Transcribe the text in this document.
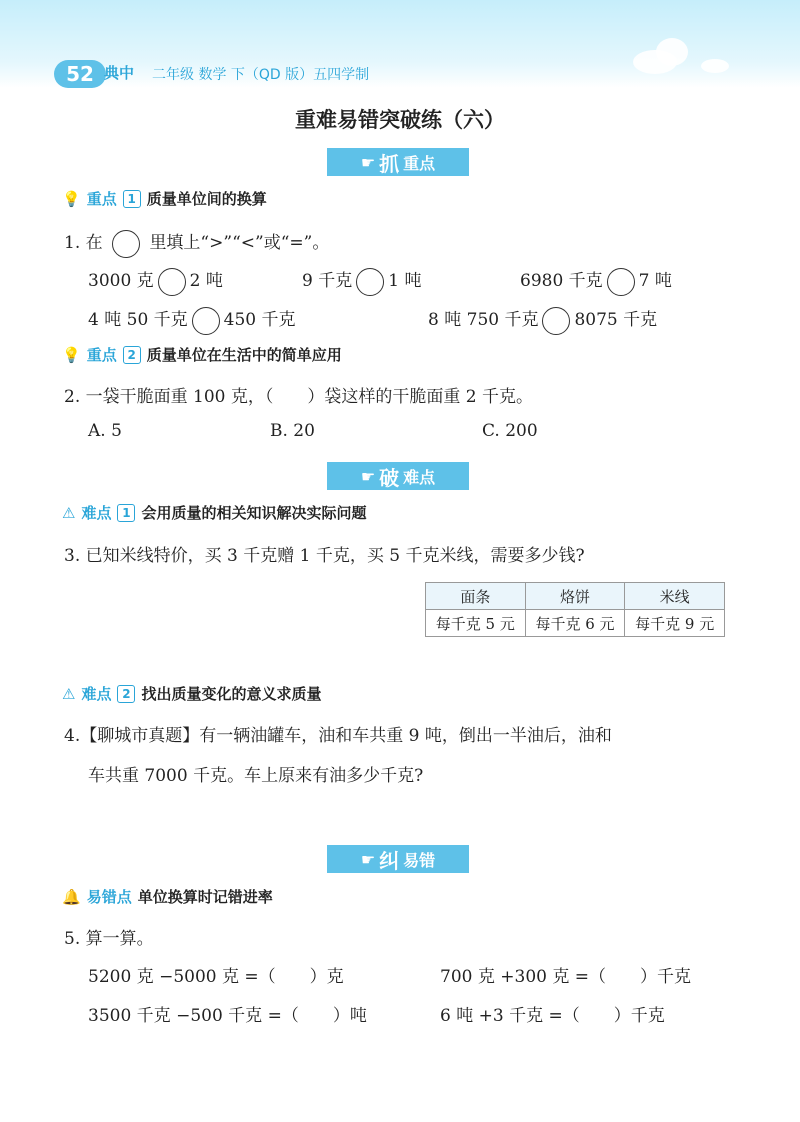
52 典中 二年级 数学 下（QD 版）五四学制
重难易错突破练（六）
☛ 抓 重点
💡 重点 1 质量单位间的换算
1. 在	里填上“>”“<”或“=”。
3000 克 2 吨	9 千克 1 吨	6980 千克 7 吨
4 吨 50 千克 450 千克	8 吨 750 千克 8075 千克
💡 重点 2 质量单位在生活中的简单应用
2. 一袋干脆面重 100 克，（　　）袋这样的干脆面重 2 千克。
A. 5	B. 20	C. 200
☛ 破 难点
⚠ 难点 1 会用质量的相关知识解决实际问题
3. 已知米线特价，买 3 千克赠 1 千克，买 5 千克米线，需要多少钱?
面条	烙饼	米线
每千克 5 元	每千克 6 元	每千克 9 元
⚠ 难点 2 找出质量变化的意义求质量
4.【聊城市真题】有一辆油罐车，油和车共重 9 吨，倒出一半油后，油和
车共重 7000 千克。车上原来有油多少千克?
☛ 纠 易错
🔔 易错点 单位换算时记错进率
5. 算一算。
5200 克 −5000 克 =（　　）克	700 克 +300 克 =（　　）千克
3500 千克 −500 千克 =（　　）吨	6 吨 +3 千克 =（　　）千克
